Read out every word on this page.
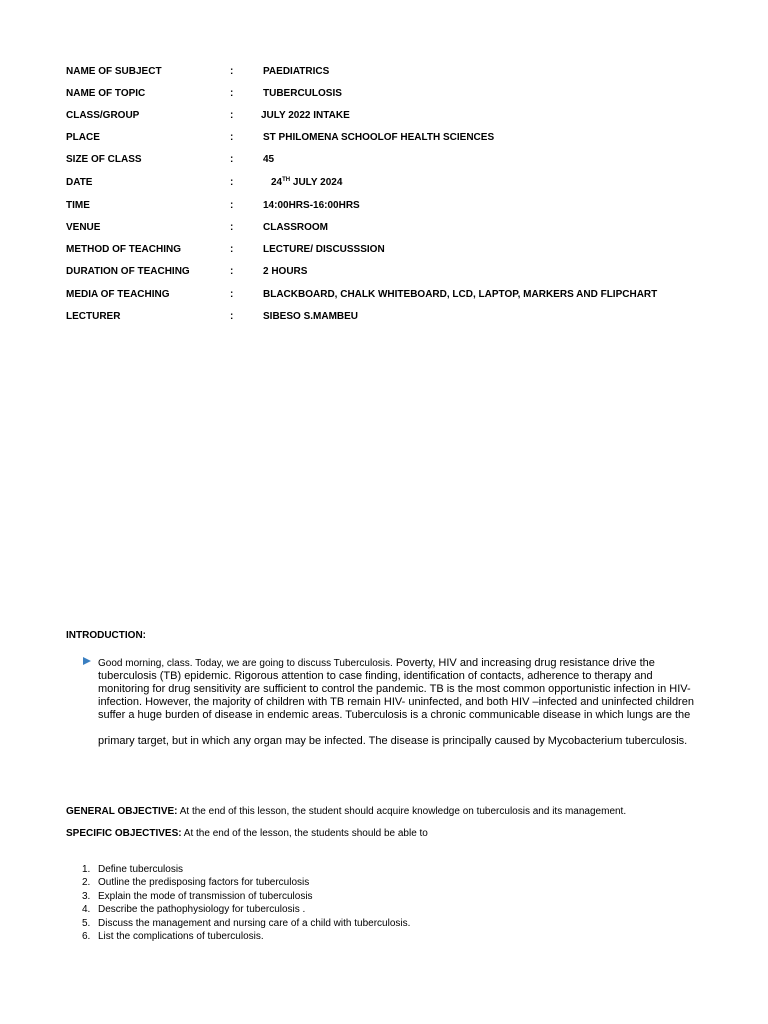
NAME OF SUBJECT	:	PAEDIATRICS
NAME OF TOPIC	:	TUBERCULOSIS
CLASS/GROUP	:	JULY 2022 INTAKE
PLACE	:	ST PHILOMENA SCHOOLOF HEALTH SCIENCES
SIZE OF CLASS	:	45
DATE	:	24TH JULY 2024
TIME	:	14:00HRS-16:00HRS
VENUE	:	CLASSROOM
METHOD OF TEACHING	:	LECTURE/ DISCUSSSION
DURATION OF TEACHING	:	2 HOURS
MEDIA OF TEACHING	:	BLACKBOARD, CHALK WHITEBOARD, LCD, LAPTOP, MARKERS AND FLIPCHART
LECTURER	:	SIBESO S.MAMBEU
INTRODUCTION:
Good morning, class. Today, we are going to discuss Tuberculosis. Poverty, HIV and increasing drug resistance drive the tuberculosis (TB) epidemic. Rigorous attention to case finding, identification of contacts, adherence to therapy and monitoring for drug sensitivity are sufficient to control the pandemic. TB is the most common opportunistic infection in HIV-infection. However, the majority of children with TB remain HIV- uninfected, and both HIV –infected and uninfected children suffer a huge burden of disease in endemic areas. Tuberculosis is a chronic communicable disease in which lungs are the
primary target, but in which any organ may be infected. The disease is principally caused by Mycobacterium tuberculosis.
GENERAL OBJECTIVE: At the end of this lesson, the student should acquire knowledge on tuberculosis and its management.
SPECIFIC OBJECTIVES: At the end of the lesson, the students should be able to
1. Define tuberculosis
2. Outline the predisposing factors for tuberculosis
3. Explain the mode of transmission of tuberculosis
4. Describe the pathophysiology for tuberculosis .
5. Discuss the management and nursing care of a child with tuberculosis.
6. List the complications of tuberculosis.
